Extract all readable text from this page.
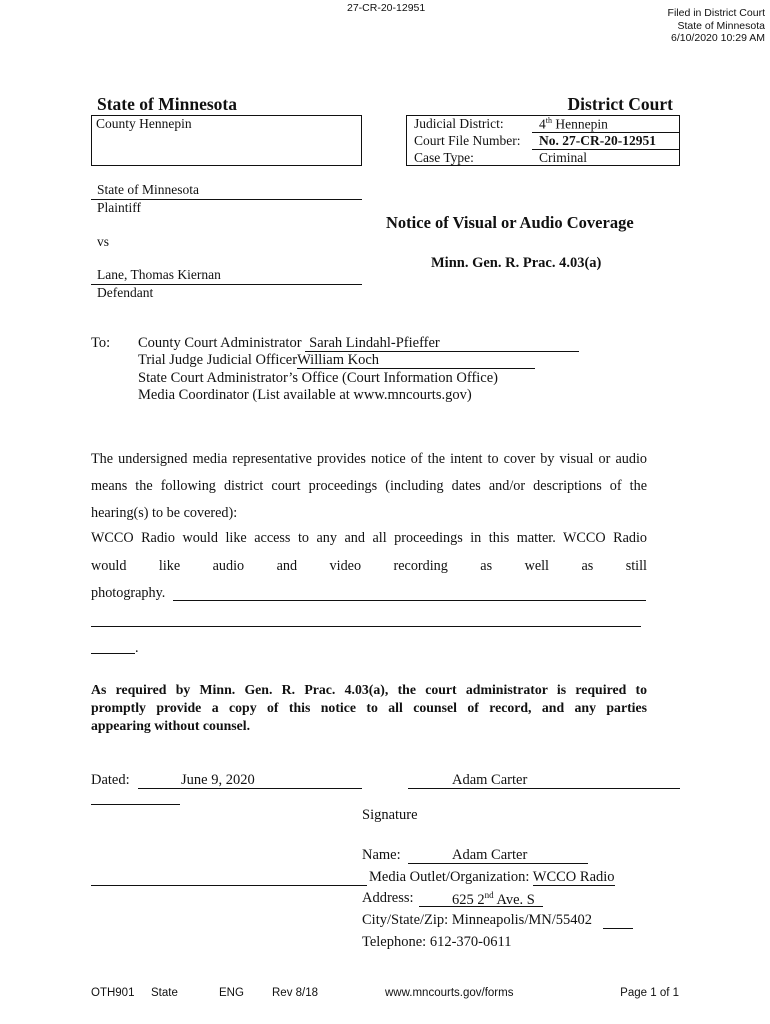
27-CR-20-12951	Filed in District Court
State of Minnesota
6/10/2020 10:29 AM
State of Minnesota	District Court
County Hennepin	Judicial District:	4th Hennepin
Court File Number: No. 27-CR-20-12951
Case Type:	Criminal
State of Minnesota
Plaintiff
vs
Lane, Thomas Kiernan
Defendant
Notice of Visual or Audio Coverage
Minn. Gen. R. Prac. 4.03(a)
To: County Court Administrator Sarah Lindahl-Pfieffer
Trial Judge Judicial OfficerWilliam Koch
State Court Administrator’s Office (Court Information Office)
Media Coordinator (List available at www.mncourts.gov)
The undersigned media representative provides notice of the intent to cover by visual or audio
means the following district court proceedings (including dates and/or descriptions of the
hearing(s) to be covered):
WCCO Radio would like access to any and all proceedings in this matter. WCCO Radio
would like audio and video recording as well as still
photography.
.
As required by Minn. Gen. R. Prac. 4.03(a), the court administrator is required to
promptly provide a copy of this notice to all counsel of record, and any parties
appearing without counsel.
Dated:	June 9, 2020	Adam Carter
Signature
Name:	Adam Carter
Media Outlet/Organization: WCCO Radio
Address:	625 2nd Ave. S
City/State/Zip: Minneapolis/MN/55402
Telephone: 612-370-0611
OTH901 State	ENG Rev 8/18	www.mncourts.gov/forms	Page 1 of 1
